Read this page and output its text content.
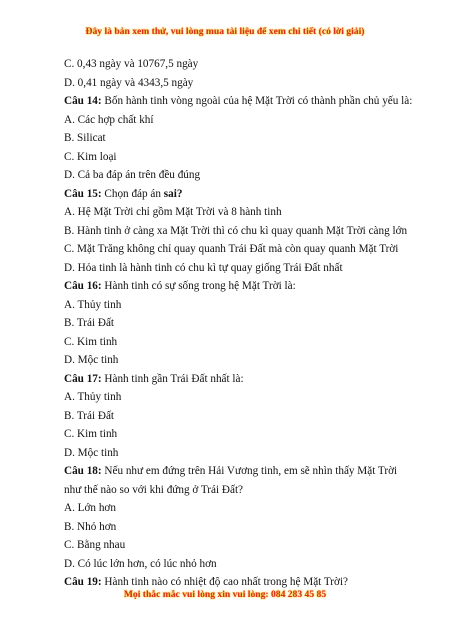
Đây là bản xem thử, vui lòng mua tài liệu để xem chi tiết (có lời giải)
C. 0,43 ngày và 10767,5 ngày
D. 0,41 ngày và 4343,5 ngày
Câu 14: Bốn hành tinh vòng ngoài của hệ Mặt Trời có thành phần chủ yếu là:
A. Các hợp chất khí
B. Silicat
C. Kim loại
D. Cả ba đáp án trên đều đúng
Câu 15: Chọn đáp án sai?
A. Hệ Mặt Trời chỉ gồm Mặt Trời và 8 hành tinh
B. Hành tinh ở càng xa Mặt Trời thì có chu kì quay quanh Mặt Trời càng lớn
C. Mặt Trăng không chỉ quay quanh Trái Đất mà còn quay quanh Mặt Trời
D. Hỏa tinh là hành tinh có chu kì tự quay giống Trái Đất nhất
Câu 16: Hành tinh có sự sống trong hệ Mặt Trời là:
A. Thủy tinh
B. Trái Đất
C. Kim tinh
D. Mộc tinh
Câu 17: Hành tinh gần Trái Đất nhất là:
A. Thủy tinh
B. Trái Đất
C. Kim tinh
D. Mộc tinh
Câu 18: Nếu như em đứng trên Hải Vương tinh, em sẽ nhìn thấy Mặt Trời
như thế nào so với khi đứng ở Trái Đất?
A. Lớn hơn
B. Nhỏ hơn
C. Bằng nhau
D. Có lúc lớn hơn, có lúc nhỏ hơn
Câu 19: Hành tinh nào có nhiệt độ cao nhất trong hệ Mặt Trời?
Mọi thắc mắc vui lòng xin vui lòng: 084 283 45 85
